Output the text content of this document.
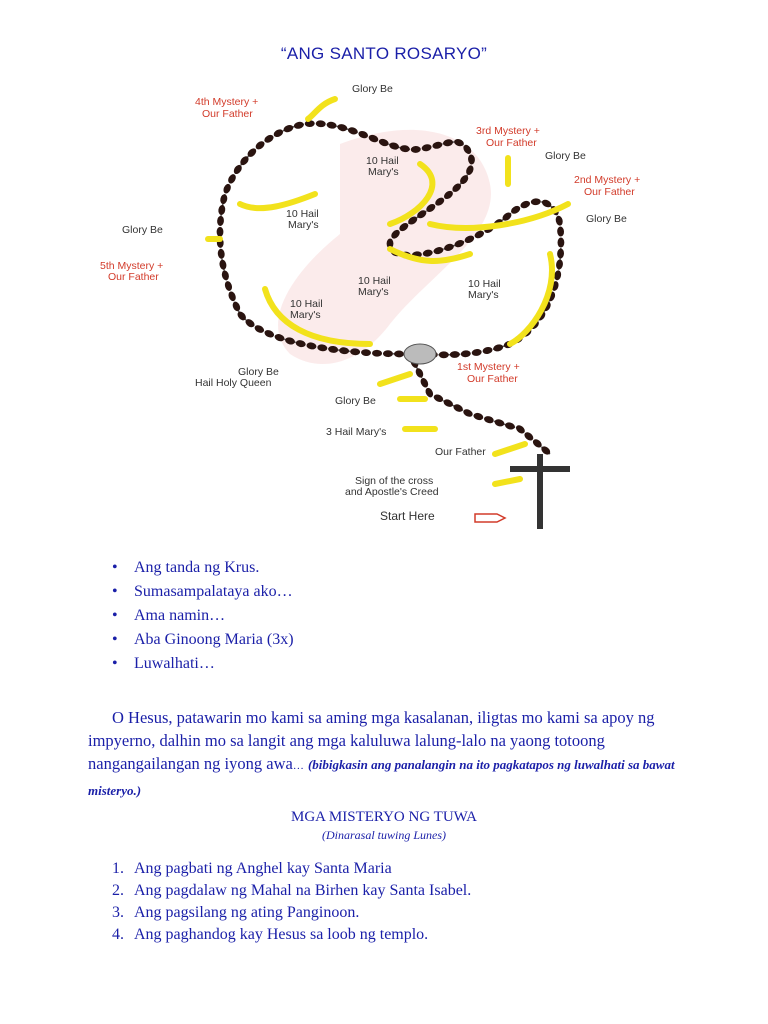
“ANG SANTO ROSARYO”
Glory Be
4th Mystery +
Our Father
3rd Mystery +
Our Father
Glory Be
10 Hail
Mary's
2nd Mystery +
Our Father
Glory Be
10 Hail
Mary's
Glory Be
5th Mystery +
Our Father	10 Hail
Mary's
10 Hail
Mary's
10 Hail
Mary's
Glory Be
Hail Holy Queen
1st Mystery +
Our Father
Glory Be
3 Hail Mary's
Our Father
Sign of the cross
and Apostle's Creed
Start Here
• Ang tanda ng Krus.
• Sumasampalataya ako…
• Ama namin…
• Aba Ginoong Maria (3x)
• Luwalhati…

O Hesus, patawarin mo kami sa aming mga kasalanan, iligtas mo kami sa apoy ng impyerno, dalhin mo sa langit ang mga kaluluwa lalung-lalo na yaong totoong nangangailangan ng iyong awa… (bibigkasin ang panalangin na ito pagkatapos ng luwalhati sa bawat misteryo.)

MGA MISTERYO NG TUWA
(Dinarasal tuwing Lunes)
1. Ang pagbati ng Anghel kay Santa Maria
2. Ang pagdalaw ng Mahal na Birhen kay Santa Isabel.
3. Ang pagsilang ng ating Panginoon.
4. Ang paghandog kay Hesus sa loob ng templo.
